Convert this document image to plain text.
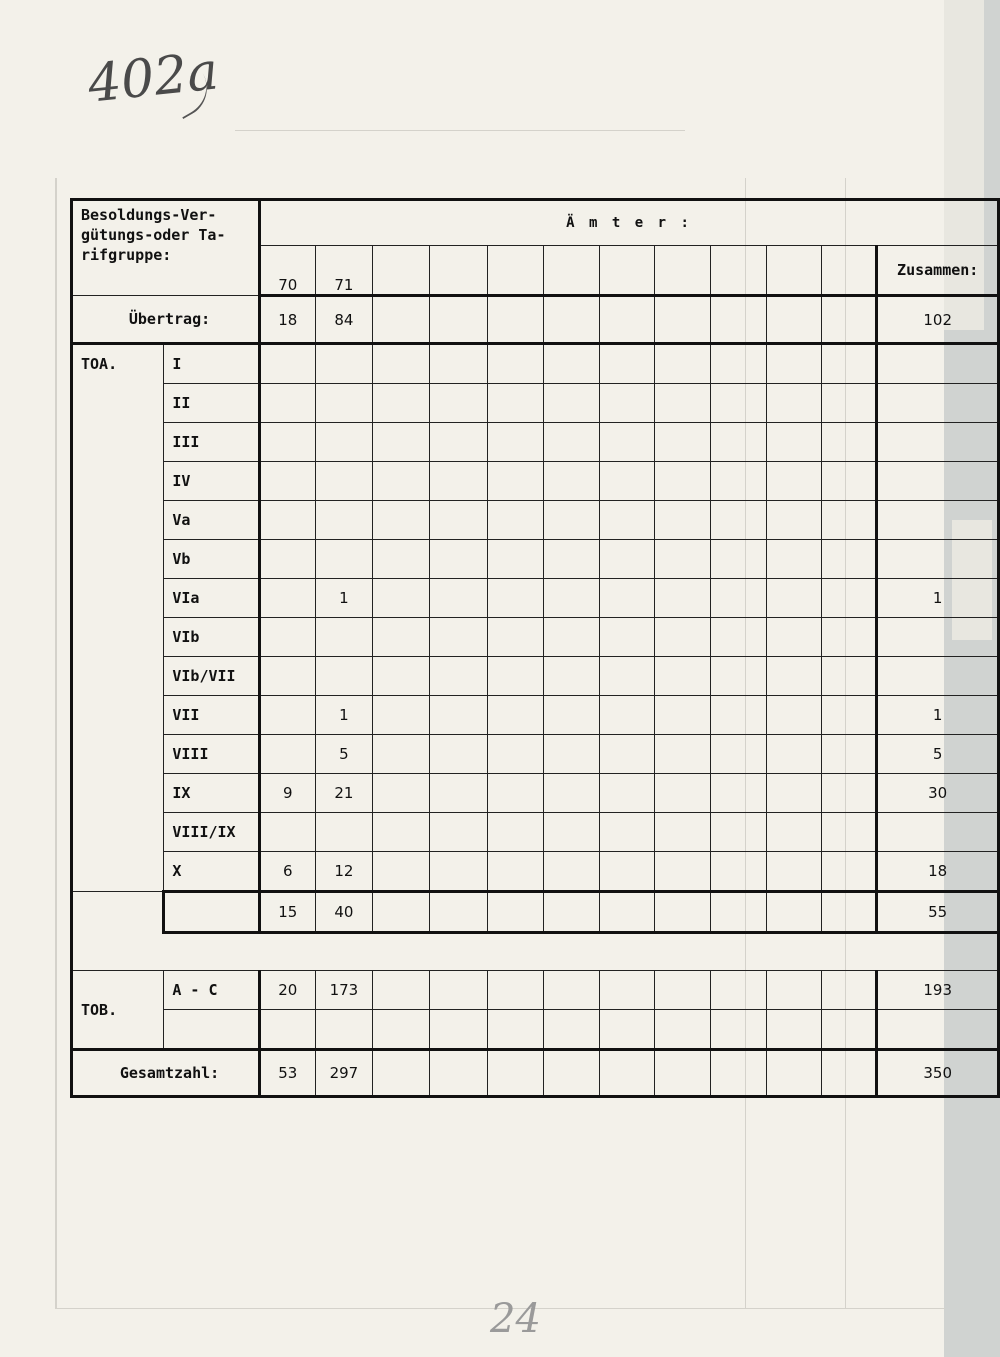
402a
Besoldungs-Ver-
gütungs-oder Ta-
rifgruppe:		Ä m t e r :											
		70	71										Zusammen:
Übertrag:		18	84										102
TOA.	I												
	II												
	III												
	IV												
	Va												
	Vb												
	VIa		1										1
	VIb												
	VIb/VII												
	VII		1										1
	VIII		5										5
	IX	9	21										30
	VIII/IX												
	X	6	12										18
		15	40										55

TOB.	A - C	20	173										193

Gesamtzahl:		53	297										350
24
